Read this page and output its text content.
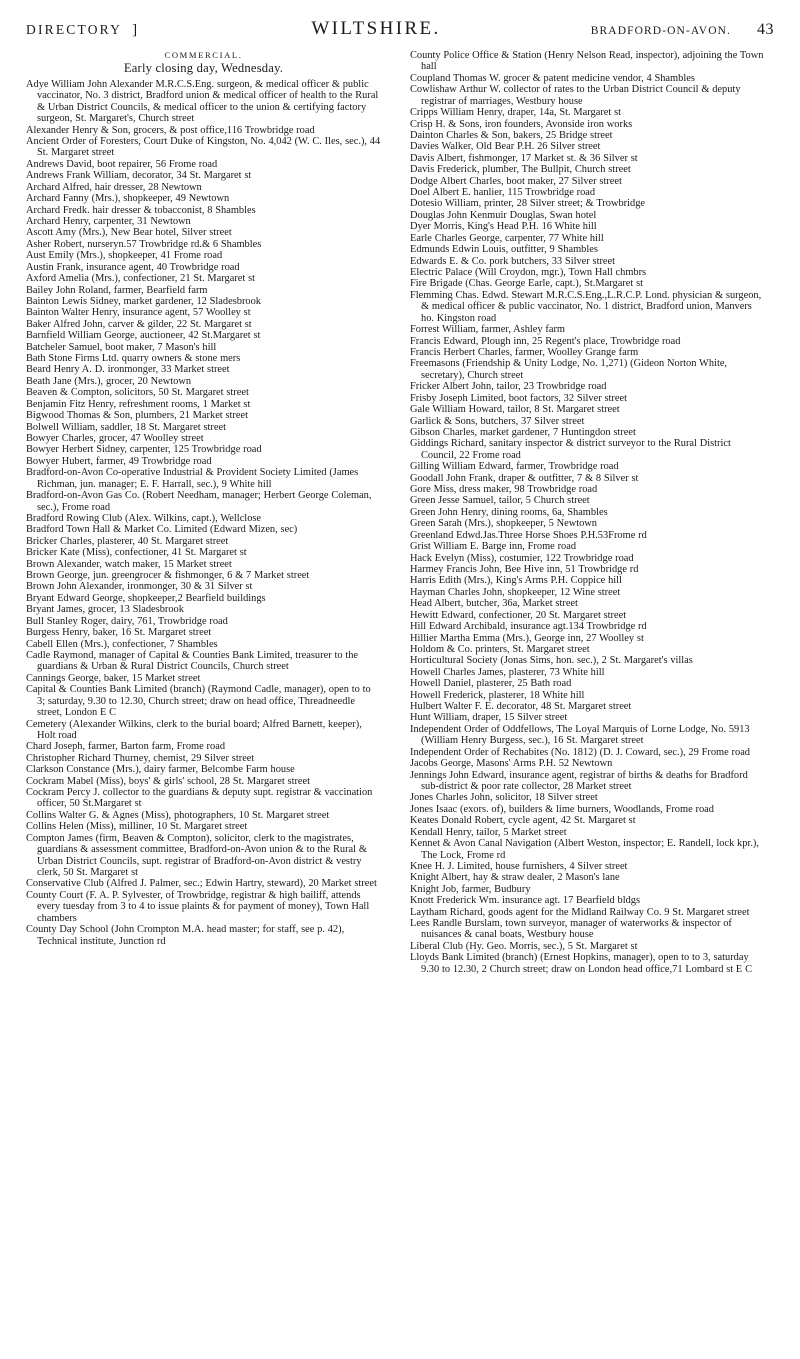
DIRECTORY ]	WILTSHIRE.	BRADFORD-ON-AVON. 43
COMMERCIAL.
Early closing day, Wednesday.

Adye William John Alexander M.R.C.S.Eng. surgeon, & medical officer & public vaccinator, No. 3 district, Bradford union & medical officer of health to the Rural & Urban District Councils, & medical officer to the union & certifying factory surgeon, St. Margaret's, Church street

Alexander Henry & Son, grocers, & post office,116 Trowbridge road

Ancient Order of Foresters, Court Duke of Kingston, No. 4,042 (W. C. Iles, sec.), 44 St. Margaret street

Andrews David, boot repairer, 56 Frome road

Andrews Frank William, decorator, 34 St. Margaret st

Archard Alfred, hair dresser, 28 Newtown

Archard Fanny (Mrs.), shopkeeper, 49 Newtown

Archard Fredk. hair dresser & tobacconist, 8 Shambles

Archard Henry, carpenter, 31 Newtown

Ascott Amy (Mrs.), New Bear hotel, Silver street

Asher Robert, nurseryn.57 Trowbridge rd.& 6 Shambles

Aust Emily (Mrs.), shopkeeper, 41 Frome road

Austin Frank, insurance agent, 40 Trowbridge road

Axford Amelia (Mrs.), confectioner, 21 St. Margaret st

Bailey John Roland, farmer, Bearfield farm

Bainton Lewis Sidney, market gardener, 12 Sladesbrook

Bainton Walter Henry, insurance agent, 57 Woolley st

Baker Alfred John, carver & gilder, 22 St. Margaret st

Barnfield William George, auctioneer, 42 St.Margaret st

Batcheler Samuel, boot maker, 7 Mason's hill

Bath Stone Firms Ltd. quarry owners & stone mers

Beard Henry A. D. ironmonger, 33 Market street

Beath Jane (Mrs.), grocer, 20 Newtown

Beaven & Compton, solicitors, 50 St. Margaret street

Benjamin Fitz Henry, refreshment rooms, 1 Market st

Bigwood Thomas & Son, plumbers, 21 Market street

Bolwell William, saddler, 18 St. Margaret street

Bowyer Charles, grocer, 47 Woolley street

Bowyer Herbert Sidney, carpenter, 125 Trowbridge road

Bowyer Hubert, farmer, 49 Trowbridge road

Bradford-on-Avon Co-operative Industrial & Provident Society Limited (James Richman, jun. manager; E. F. Harrall, sec.), 9 White hill

Bradford-on-Avon Gas Co. (Robert Needham, manager; Herbert George Coleman, sec.), Frome road

Bradford Rowing Club (Alex. Wilkins, capt.), Wellclose

Bradford Town Hall & Market Co. Limited (Edward Mizen, sec)

Bricker Charles, plasterer, 40 St. Margaret street

Bricker Kate (Miss), confectioner, 41 St. Margaret st

Brown Alexander, watch maker, 15 Market street

Brown George, jun. greengrocer & fishmonger, 6 & 7 Market street

Brown John Alexander, ironmonger, 30 & 31 Silver st

Bryant Edward George, shopkeeper,2 Bearfield buildings

Bryant James, grocer, 13 Sladesbrook

Bull Stanley Roger, dairy, 761, Trowbridge road

Burgess Henry, baker, 16 St. Margaret street

Cabell Ellen (Mrs.), confectioner, 7 Shambles

Cadle Raymond, manager of Capital & Counties Bank Limited, treasurer to the guardians & Urban & Rural District Councils, Church street

Cannings George, baker, 15 Market street

Capital & Counties Bank Limited (branch) (Raymond Cadle, manager), open to to 3; saturday, 9.30 to 12.30, Church street; draw on head office, Threadneedle street, London E C

Cemetery (Alexander Wilkins, clerk to the burial board; Alfred Barnett, keeper), Holt road

Chard Joseph, farmer, Barton farm, Frome road

Christopher Richard Thurney, chemist, 29 Silver street

Clarkson Constance (Mrs.), dairy farmer, Belcombe Farm house

Cockram Mabel (Miss), boys' & girls' school, 28 St. Margaret street

Cockram Percy J. collector to the guardians & deputy supt. registrar & vaccination officer, 50 St.Margaret st

Collins Walter G. & Agnes (Miss), photographers, 10 St. Margaret street

Collins Helen (Miss), milliner, 10 St. Margaret street

Compton James (firm, Beaven & Compton), solicitor, clerk to the magistrates, guardians & assessment committee, Bradford-on-Avon union & to the Rural & Urban District Councils, supt. registrar of Bradford-on-Avon district & vestry clerk, 50 St. Margaret st

Conservative Club (Alfred J. Palmer, sec.; Edwin Hartry, steward), 20 Market street

County Court (F. A. P. Sylvester, of Trowbridge, registrar & high bailiff, attends every tuesday from 3 to 4 to issue plaints & for payment of money), Town Hall chambers

County Day School (John Crompton M.A. head master; for staff, see p. 42), Technical institute, Junction rd

County Police Office & Station (Henry Nelson Read, inspector), adjoining the Town hall

Coupland Thomas W. grocer & patent medicine vendor, 4 Shambles

Cowlishaw Arthur W. collector of rates to the Urban District Council & deputy registrar of marriages, Westbury house

Cripps William Henry, draper, 14a, St. Margaret st

Crisp H. & Sons, iron founders, Avonside iron works

Dainton Charles & Son, bakers, 25 Bridge street

Davies Walker, Old Bear P.H. 26 Silver street

Davis Albert, fishmonger, 17 Market st. & 36 Silver st

Davis Frederick, plumber, The Bullpit, Church street

Dodge Albert Charles, boot maker, 27 Silver street

Doel Albert E. hanlier, 115 Trowbridge road

Dotesio William, printer, 28 Silver street; & Trowbridge

Douglas John Kenmuir Douglas, Swan hotel

Dyer Morris, King's Head P.H. 16 White hill

Earle Charles George, carpenter, 77 White hill

Edmunds Edwin Louis, outfitter, 9 Shambles

Edwards E. & Co. pork butchers, 33 Silver street

Electric Palace (Will Croydon, mgr.), Town Hall chmbrs

Fire Brigade (Chas. George Earle, capt.), St.Margaret st

Flemming Chas. Edwd. Stewart M.R.C.S.Eng.,L.R.C.P. Lond. physician & surgeon, & medical officer & public vaccinator, No. 1 district, Bradford union, Manvers ho. Kingston road

Forrest William, farmer, Ashley farm

Francis Edward, Plough inn, 25 Regent's place, Trowbridge road

Francis Herbert Charles, farmer, Woolley Grange farm

Freemasons (Friendship & Unity Lodge, No. 1,271) (Gideon Norton White, secretary), Church street

Fricker Albert John, tailor, 23 Trowbridge road

Frisby Joseph Limited, boot factors, 32 Silver street

Gale William Howard, tailor, 8 St. Margaret street

Garlick & Sons, butchers, 37 Silver street

Gibson Charles, market gardener, 7 Huntingdon street

Giddings Richard, sanitary inspector & district surveyor to the Rural District Council, 22 Frome road

Gilling William Edward, farmer, Trowbridge road

Goodall John Frank, draper & outfitter, 7 & 8 Silver st

Gore Miss, dress maker, 98 Trowbridge road

Green Jesse Samuel, tailor, 5 Church street

Green John Henry, dining rooms, 6a, Shambles

Green Sarah (Mrs.), shopkeeper, 5 Newtown

Greenland Edwd.Jas.Three Horse Shoes P.H.53Frome rd

Grist William E. Barge inn, Frome road

Hack Evelyn (Miss), costumier, 122 Trowbridge road

Harmey Francis John, Bee Hive inn, 51 Trowbridge rd

Harris Edith (Mrs.), King's Arms P.H. Coppice hill

Hayman Charles John, shopkeeper, 12 Wine street

Head Albert, butcher, 36a, Market street

Hewitt Edward, confectioner, 20 St. Margaret street

Hill Edward Archibald, insurance agt.134 Trowbridge rd

Hillier Martha Emma (Mrs.), George inn, 27 Woolley st

Holdom & Co. printers, St. Margaret street

Horticultural Society (Jonas Sims, hon. sec.), 2 St. Margaret's villas

Howell Charles James, plasterer, 73 White hill

Howell Daniel, plasterer, 25 Bath road

Howell Frederick, plasterer, 18 White hill

Hulbert Walter F. E. decorator, 48 St. Margaret street

Hunt William, draper, 15 Silver street

Independent Order of Oddfellows, The Loyal Marquis of Lorne Lodge, No. 5913 (William Henry Burgess, sec.), 16 St. Margaret street

Independent Order of Rechabites (No. 1812) (D. J. Coward, sec.), 29 Frome road

Jacobs George, Masons' Arms P.H. 52 Newtown

Jennings John Edward, insurance agent, registrar of births & deaths for Bradford sub-district & poor rate collector, 28 Market street

Jones Charles John, solicitor, 18 Silver street

Jones Isaac (exors. of), builders & lime burners, Woodlands, Frome road

Keates Donald Robert, cycle agent, 42 St. Margaret st

Kendall Henry, tailor, 5 Market street

Kennet & Avon Canal Navigation (Albert Weston, inspector; E. Randell, lock kpr.), The Lock, Frome rd

Knee H. J. Limited, house furnishers, 4 Silver street

Knight Albert, hay & straw dealer, 2 Mason's lane

Knight Job, farmer, Budbury

Knott Frederick Wm. insurance agt. 17 Bearfield bldgs

Laytham Richard, goods agent for the Midland Railway Co. 9 St. Margaret street

Lees Randle Burslam, town surveyor, manager of waterworks & inspector of nuisances & canal boats, Westbury house

Liberal Club (Hy. Geo. Morris, sec.), 5 St. Margaret st

Lloyds Bank Limited (branch) (Ernest Hopkins, manager), open to to 3, saturday 9.30 to 12.30, 2 Church street; draw on London head office,71 Lombard st E C
